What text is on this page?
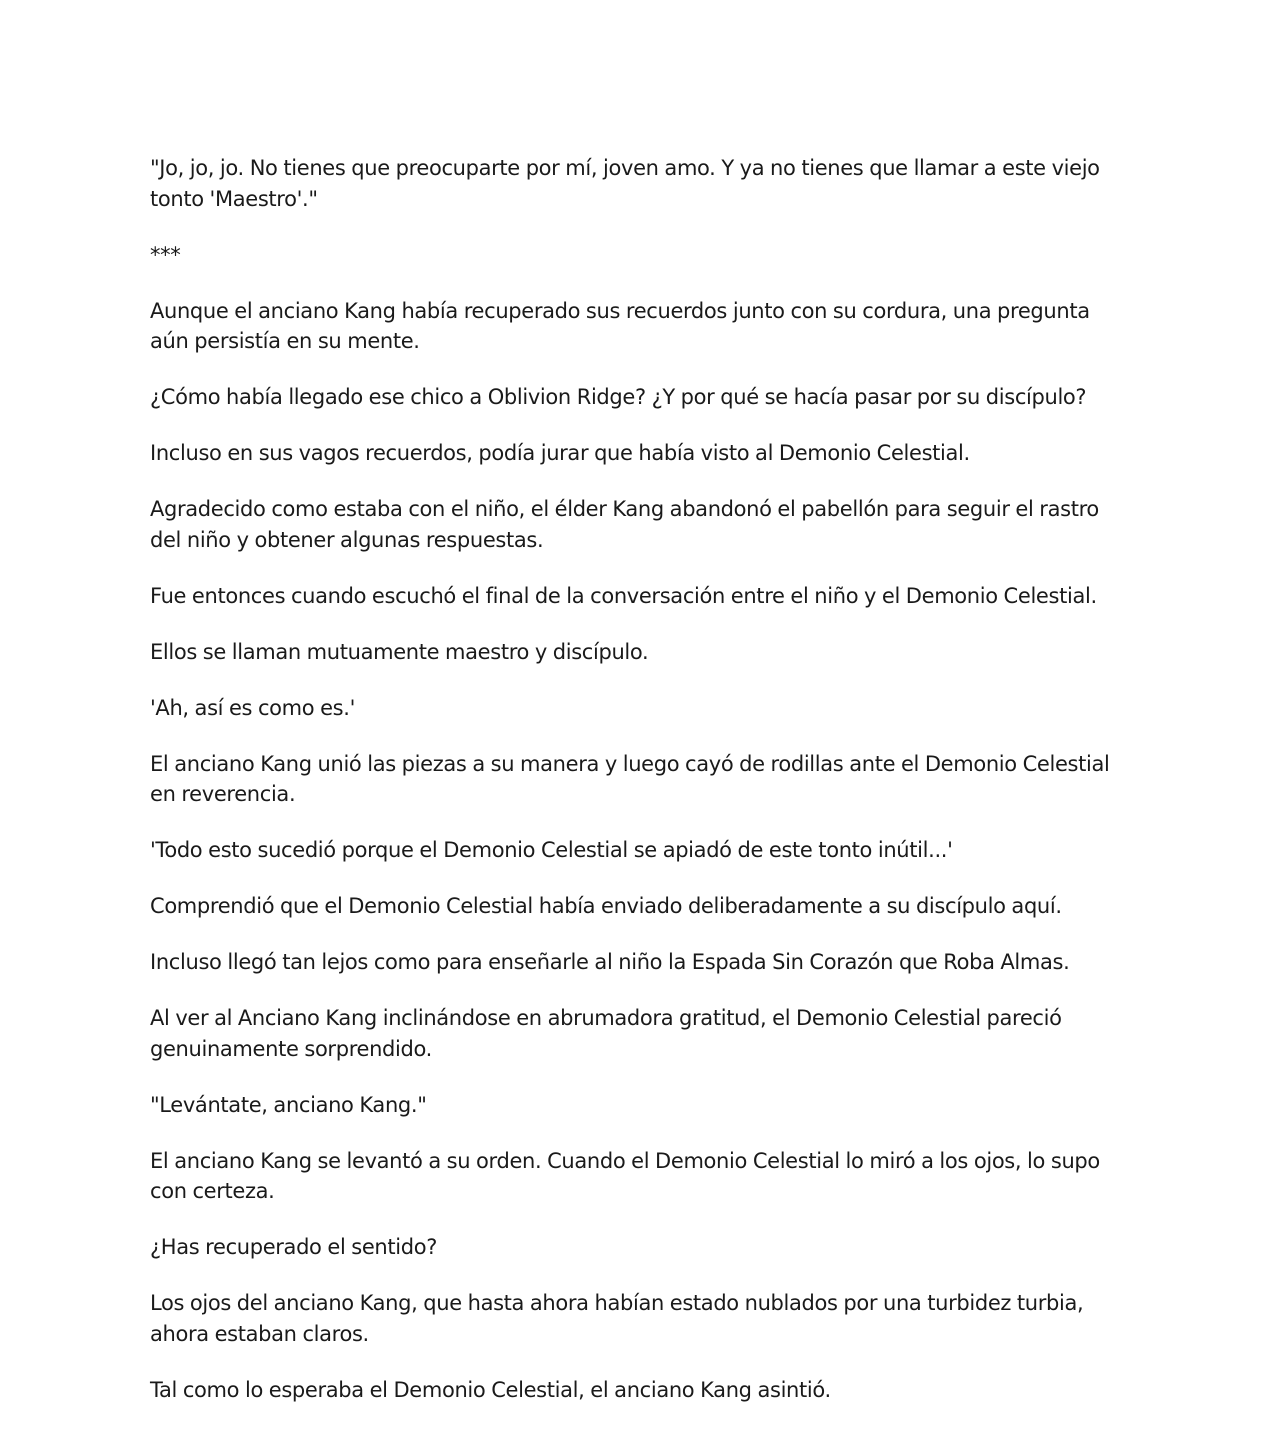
"Jo, jo, jo. No tienes que preocuparte por mí, joven amo. Y ya no tienes que llamar a este viejo tonto 'Maestro'."

***

Aunque el anciano Kang había recuperado sus recuerdos junto con su cordura, una pregunta aún persistía en su mente.

¿Cómo había llegado ese chico a Oblivion Ridge? ¿Y por qué se hacía pasar por su discípulo?

Incluso en sus vagos recuerdos, podía jurar que había visto al Demonio Celestial.

Agradecido como estaba con el niño, el élder Kang abandonó el pabellón para seguir el rastro del niño y obtener algunas respuestas.

Fue entonces cuando escuchó el final de la conversación entre el niño y el Demonio Celestial.

Ellos se llaman mutuamente maestro y discípulo.

'Ah, así es como es.'

El anciano Kang unió las piezas a su manera y luego cayó de rodillas ante el Demonio Celestial en reverencia.

'Todo esto sucedió porque el Demonio Celestial se apiadó de este tonto inútil...'

Comprendió que el Demonio Celestial había enviado deliberadamente a su discípulo aquí.

Incluso llegó tan lejos como para enseñarle al niño la Espada Sin Corazón que Roba Almas.

Al ver al Anciano Kang inclinándose en abrumadora gratitud, el Demonio Celestial pareció genuinamente sorprendido.

"Levántate, anciano Kang."

El anciano Kang se levantó a su orden. Cuando el Demonio Celestial lo miró a los ojos, lo supo con certeza.

¿Has recuperado el sentido?

Los ojos del anciano Kang, que hasta ahora habían estado nublados por una turbidez turbia, ahora estaban claros.

Tal como lo esperaba el Demonio Celestial, el anciano Kang asintió.
